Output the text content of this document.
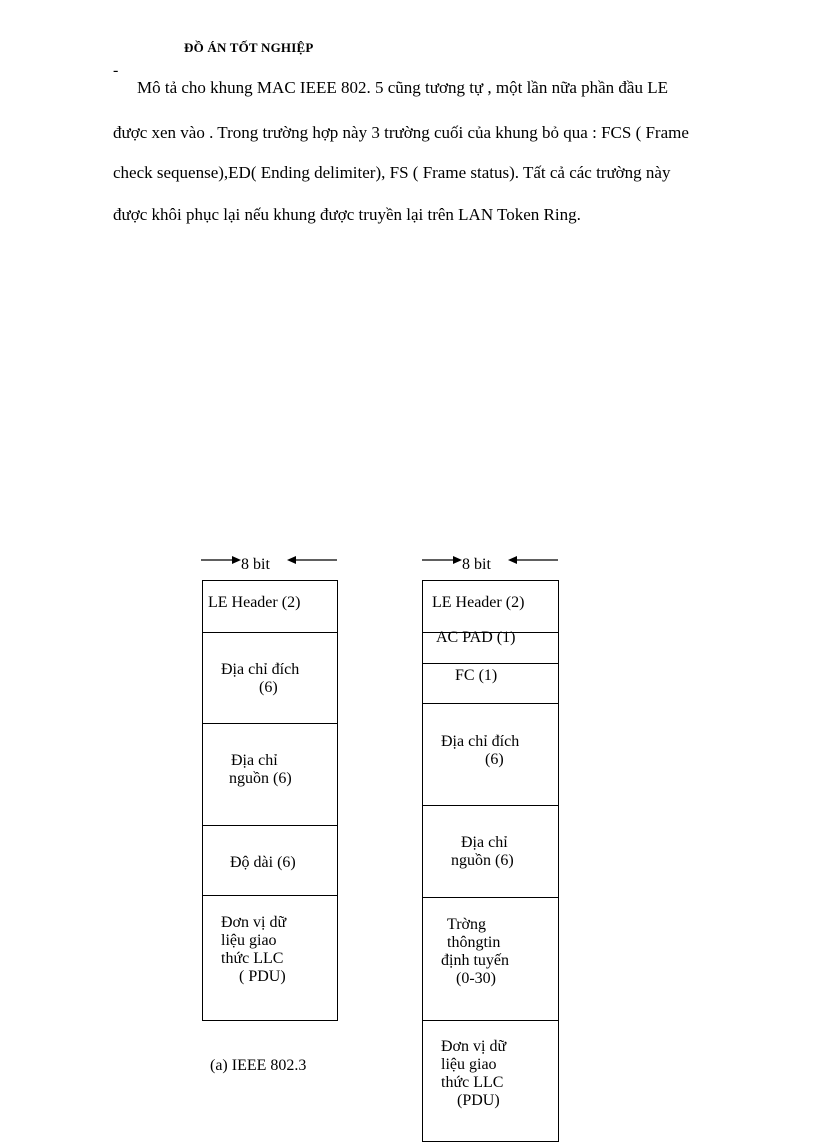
ĐỒ ÁN TỐT NGHIỆP
-
Mô tả cho khung MAC IEEE 802. 5 cũng tương tự , một lần nữa phần đầu LE
được xen vào . Trong trường hợp này 3 trường cuối của khung bỏ qua : FCS ( Frame
check sequense),ED( Ending delimiter), FS ( Frame status). Tất cả các trường này
được khôi phục lại nếu khung được truyền lại trên LAN Token Ring.
8 bit
LE Header (2)
Địa chỉ đích
(6)
Địa chỉ
nguồn (6)
Độ dài (6)
Đơn vị dữ
liệu giao
thức LLC
( PDU)
(a) IEEE 802.3
8 bit
LE Header (2)
AC PAD (1)
FC (1)
Địa chỉ đích
(6)
Địa chỉ
nguồn (6)
Trờng
thôngtin
định tuyến
(0-30)
Đơn vị dữ
liệu giao
thức LLC
(PDU)
